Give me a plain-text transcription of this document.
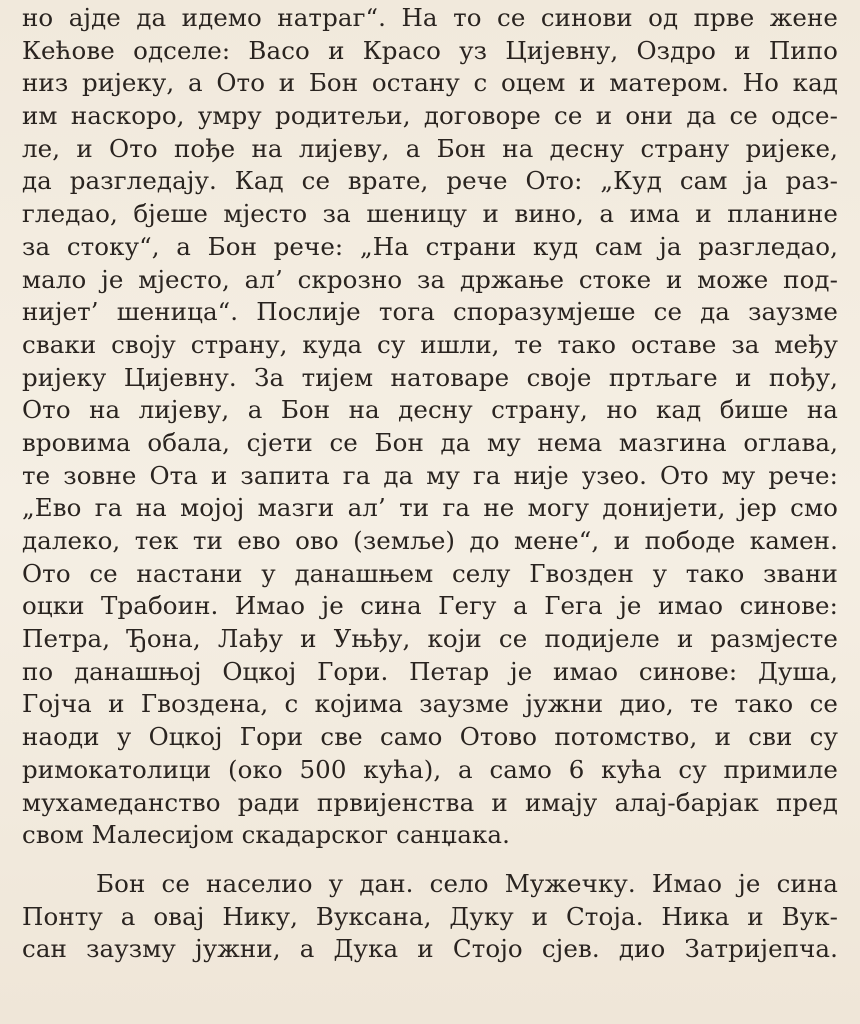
но ајде да идемо натраг“. На то се синови од прве жене
Кећове одселе: Васо и Красо уз Цијевну, Оздро и Пипо
низ ријеку, а Ото и Бон остану с оцем и матером. Но кад
им наскоро, умру родитељи, договоре се и они да се одсе-
ле, и Ото пође на лијеву, а Бон на десну страну ријеке,
да разгледају. Кад се врате, рече Ото: „Куд сам ја раз-
гледао, бјеше мјесто за шеницу и вино, а има и планине
за стоку“, а Бон рече: „На страни куд сам ја разгледао,
мало је мјесто, ал’ скрозно за држање стоке и може под-
нијет’ шеница“. Послије тога споразумјеше се да заузме
сваки своју страну, куда су ишли, те тако оставе за међу
ријеку Цијевну. За тијем натоваре своје пртљаге и пођу,
Ото на лијеву, а Бон на десну страну, но кад бише на
вровима обала, сјети се Бон да му нема мазгина оглава,
те зовне Ота и запита га да му га није узео. Ото му рече:
„Ево га на мојој мазги ал’ ти га не могу донијети, јер смо
далеко, тек ти ево ово (земље) до мене“, и пободе камен.
Ото се настани у данашњем селу Гвозден у тако звани
оцки Трабоин. Имао је сина Гегу а Гега је имао синове:
Петра, Ђона, Лађу и Уњђу, који се подијеле и размјесте
по данашњој Оцкој Гори. Петар је имао синове: Душа,
Гојча и Гвоздена, с којима заузме јужни дио, те тако се
наоди у Оцкој Гори све само Отово потомство, и сви су
римокатолици (око 500 кућа), а само 6 кућа су примиле
мухамеданство ради првијенства и имају алај-барјак пред
свом Малесијом скадарског санџака.
Бон се населио у дан. село Мужечку. Имао је сина
Понту а овај Нику, Вуксана, Дуку и Стоја. Ника и Вук-
сан заузму јужни, а Дука и Стојо сјев. дио Затријепча.
